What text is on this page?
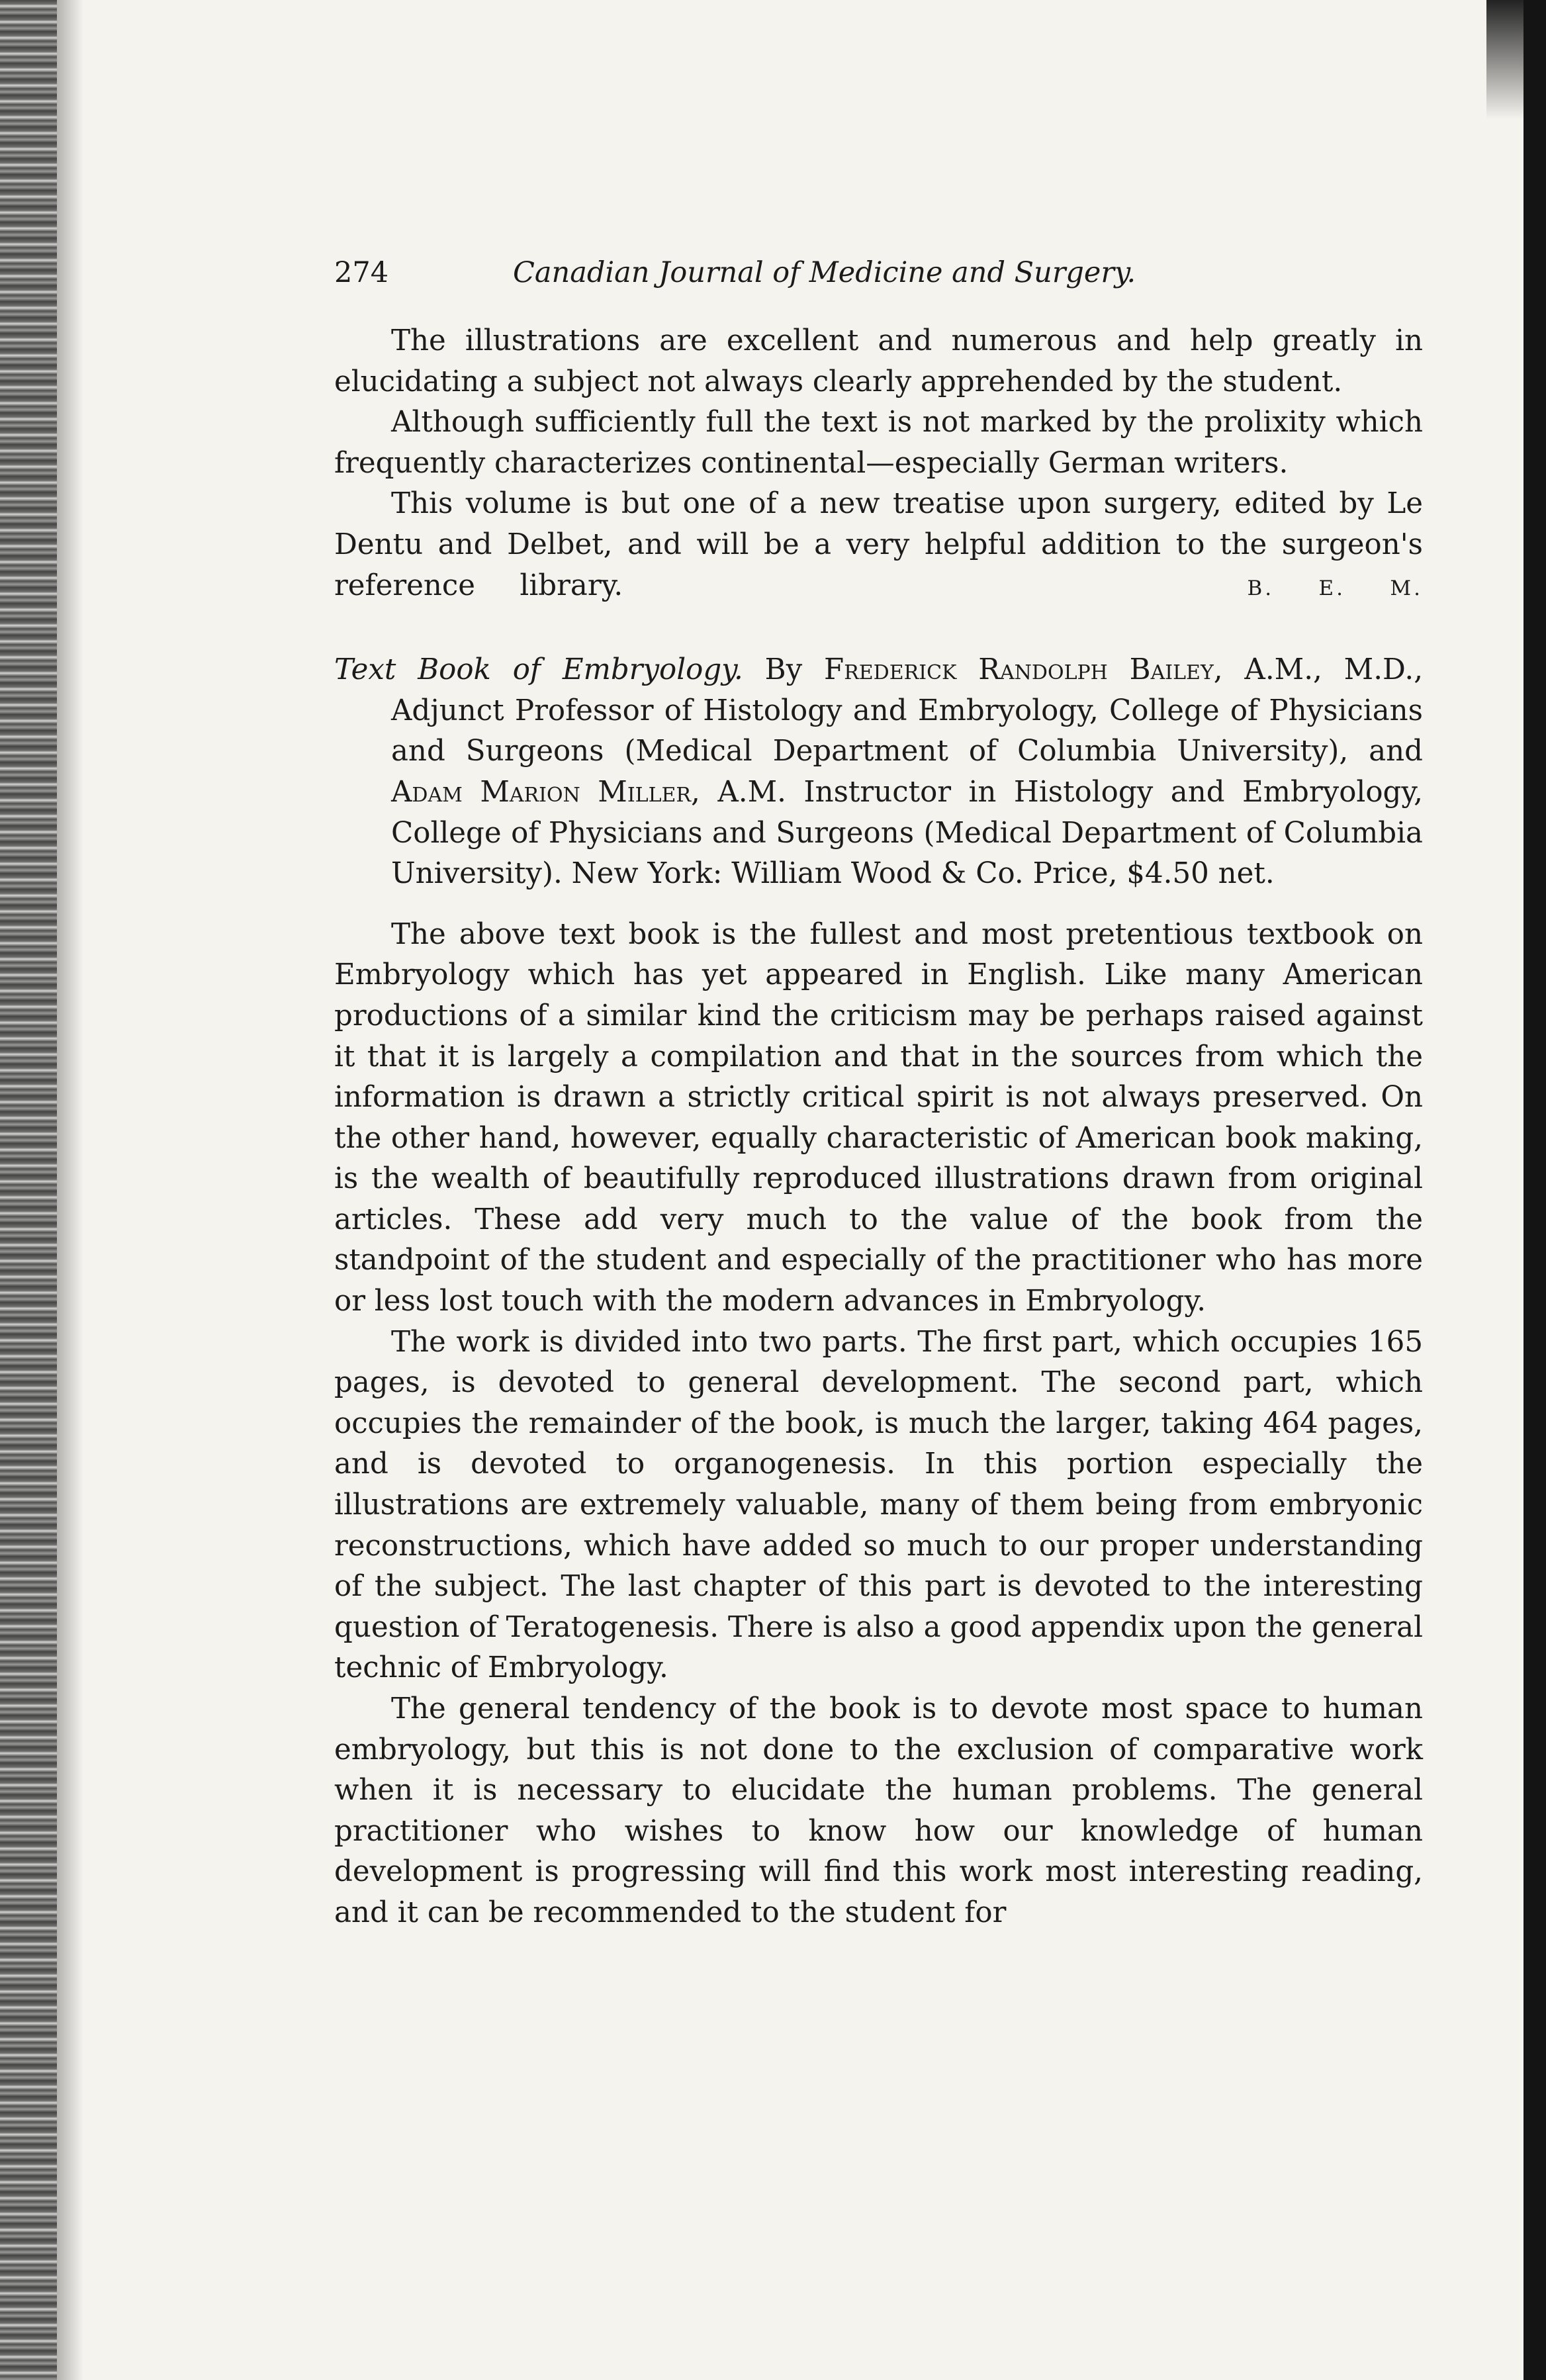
274	Canadian Journal of Medicine and Surgery.

The illustrations are excellent and numerous and help greatly in elucidating a subject not always clearly apprehended by the student.

Although sufficiently full the text is not marked by the prolixity which frequently characterizes continental—especially German writers.

This volume is but one of a new treatise upon surgery, edited by Le Dentu and Delbet, and will be a very helpful addition to the surgeon's reference library.	B. E. M.

Text Book of Embryology. By Frederick Randolph Bailey, A.M., M.D., Adjunct Professor of Histology and Embryology, College of Physicians and Surgeons (Medical Department of Columbia University), and Adam Marion Miller, A.M. Instructor in Histology and Embryology, College of Physicians and Surgeons (Medical Department of Columbia University). New York: William Wood & Co. Price, $4.50 net.

The above text book is the fullest and most pretentious textbook on Embryology which has yet appeared in English. Like many American productions of a similar kind the criticism may be perhaps raised against it that it is largely a compilation and that in the sources from which the information is drawn a strictly critical spirit is not always preserved. On the other hand, however, equally characteristic of American book making, is the wealth of beautifully reproduced illustrations drawn from original articles. These add very much to the value of the book from the standpoint of the student and especially of the practitioner who has more or less lost touch with the modern advances in Embryology.

The work is divided into two parts. The first part, which occupies 165 pages, is devoted to general development. The second part, which occupies the remainder of the book, is much the larger, taking 464 pages, and is devoted to organogenesis. In this portion especially the illustrations are extremely valuable, many of them being from embryonic reconstructions, which have added so much to our proper understanding of the subject. The last chapter of this part is devoted to the interesting question of Teratogenesis. There is also a good appendix upon the general technic of Embryology.

The general tendency of the book is to devote most space to human embryology, but this is not done to the exclusion of comparative work when it is necessary to elucidate the human problems. The general practitioner who wishes to know how our knowledge of human development is progressing will find this work most interesting reading, and it can be recommended to the student for
